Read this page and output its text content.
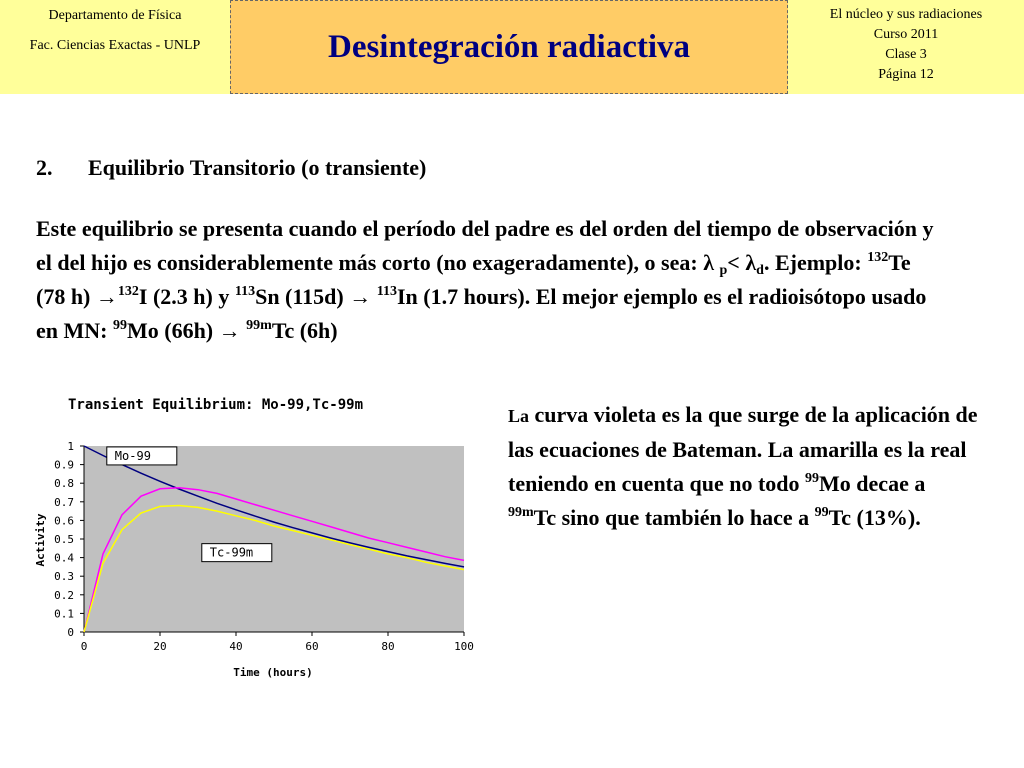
Departamento de Física
Fac. Ciencias Exactas - UNLP	Desintegración radiactiva
El núcleo y sus radiaciones
Curso 2011
Clase 3
Página 12
2. Equilibrio Transitorio (o transiente)
Este equilibrio se presenta cuando el período del padre es del orden del tiempo de observación y el del hijo es considerablemente más corto (no exageradamente), o sea: λ $_p< \lambda_d$. Ejemplo: $^{132}$Te (78 h) →$^{132}$I (2.3 h) y $^{113}$Sn (115d) → $^{113}$In (1.7 hours). El mejor ejemplo es el radioisótopo usado en MN: $^{99}$Mo (66h) → $^{99m}$Tc (6h)
Transient Equilibrium: Mo-99,Tc-99m
Activity
Time (hours)
0
0.1
0.2
0.3
0.4
0.5
0.6
0.7
0.8
0.9
1
0	20	40	60	80	100
Mo-99
Tc-99m
La curva violeta es la que surge de la aplicación de las ecuaciones de Bateman. La amarilla es la real teniendo en cuenta que no todo $^{99}$Mo decae a $^{99m}$Tc sino que también lo hace a $^{99}$Tc (13%).
